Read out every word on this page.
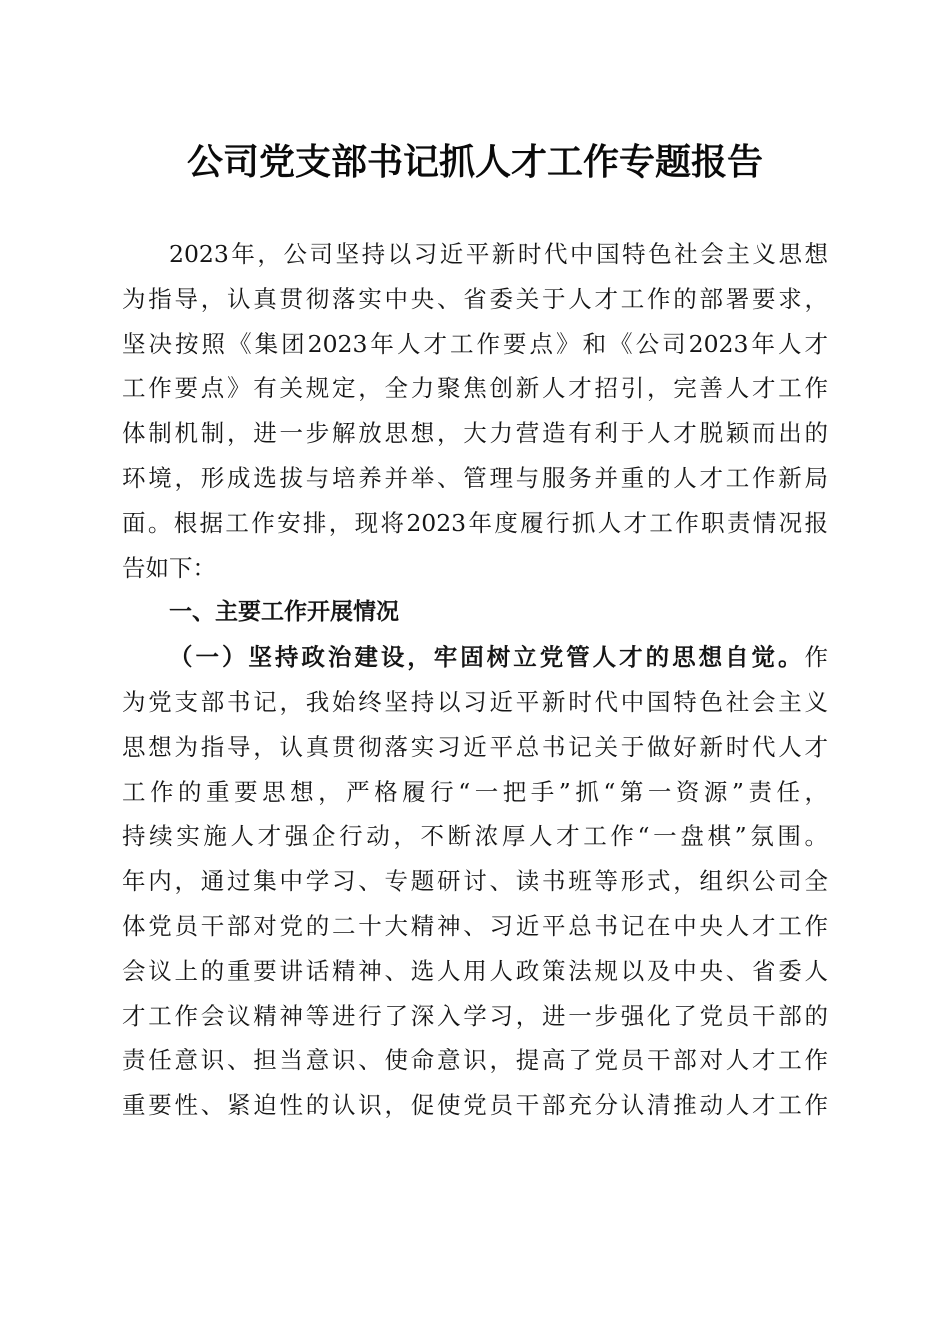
公司党支部书记抓人才工作专题报告
2023年，公司坚持以习近平新时代中国特色社会主义思想
为指导，认真贯彻落实中央、省委关于人才工作的部署要求，
坚决按照《集团2023年人才工作要点》和《公司2023年人才
工作要点》有关规定，全力聚焦创新人才招引，完善人才工作
体制机制，进一步解放思想，大力营造有利于人才脱颖而出的
环境，形成选拔与培养并举、管理与服务并重的人才工作新局
面。根据工作安排，现将2023年度履行抓人才工作职责情况报
告如下：
一、主要工作开展情况
（一）坚持政治建设，牢固树立党管人才的思想自觉。作
为党支部书记，我始终坚持以习近平新时代中国特色社会主义
思想为指导，认真贯彻落实习近平总书记关于做好新时代人才
工作的重要思想，严格履行“一把手”抓“第一资源”责任，
持续实施人才强企行动，不断浓厚人才工作“一盘棋”氛围。
年内，通过集中学习、专题研讨、读书班等形式，组织公司全
体党员干部对党的二十大精神、习近平总书记在中央人才工作
会议上的重要讲话精神、选人用人政策法规以及中央、省委人
才工作会议精神等进行了深入学习，进一步强化了党员干部的
责任意识、担当意识、使命意识，提高了党员干部对人才工作
重要性、紧迫性的认识，促使党员干部充分认清推动人才工作
